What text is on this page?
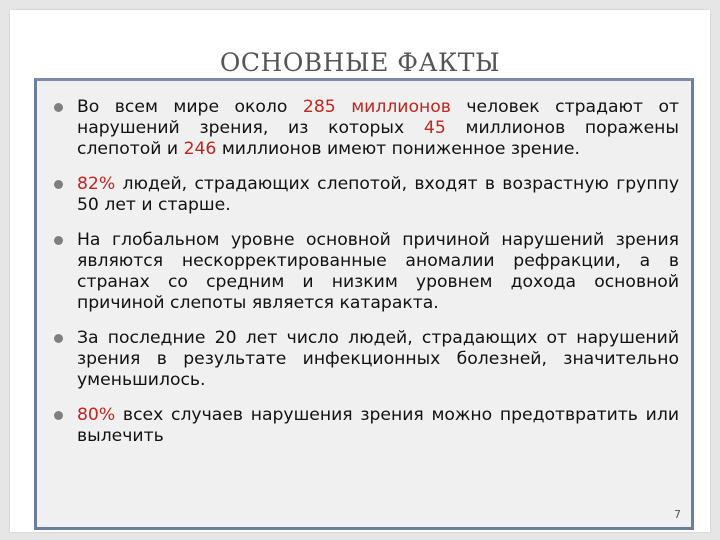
ОСНОВНЫЕ ФАКТЫ
Во всем мире около 285 миллионов человек страдают от нарушений зрения, из которых 45 миллионов поражены слепотой и 246 миллионов имеют пониженное зрение.
82% людей, страдающих слепотой, входят в возрастную группу 50 лет и старше.
На глобальном уровне основной причиной нарушений зрения являются нескорректированные аномалии рефракции, а в странах со средним и низким уровнем дохода основной причиной слепоты является катаракта.
За последние 20 лет число людей, страдающих от нарушений зрения в результате инфекционных болезней, значительно уменьшилось.
80% всех случаев нарушения зрения можно предотвратить или вылечить
7
